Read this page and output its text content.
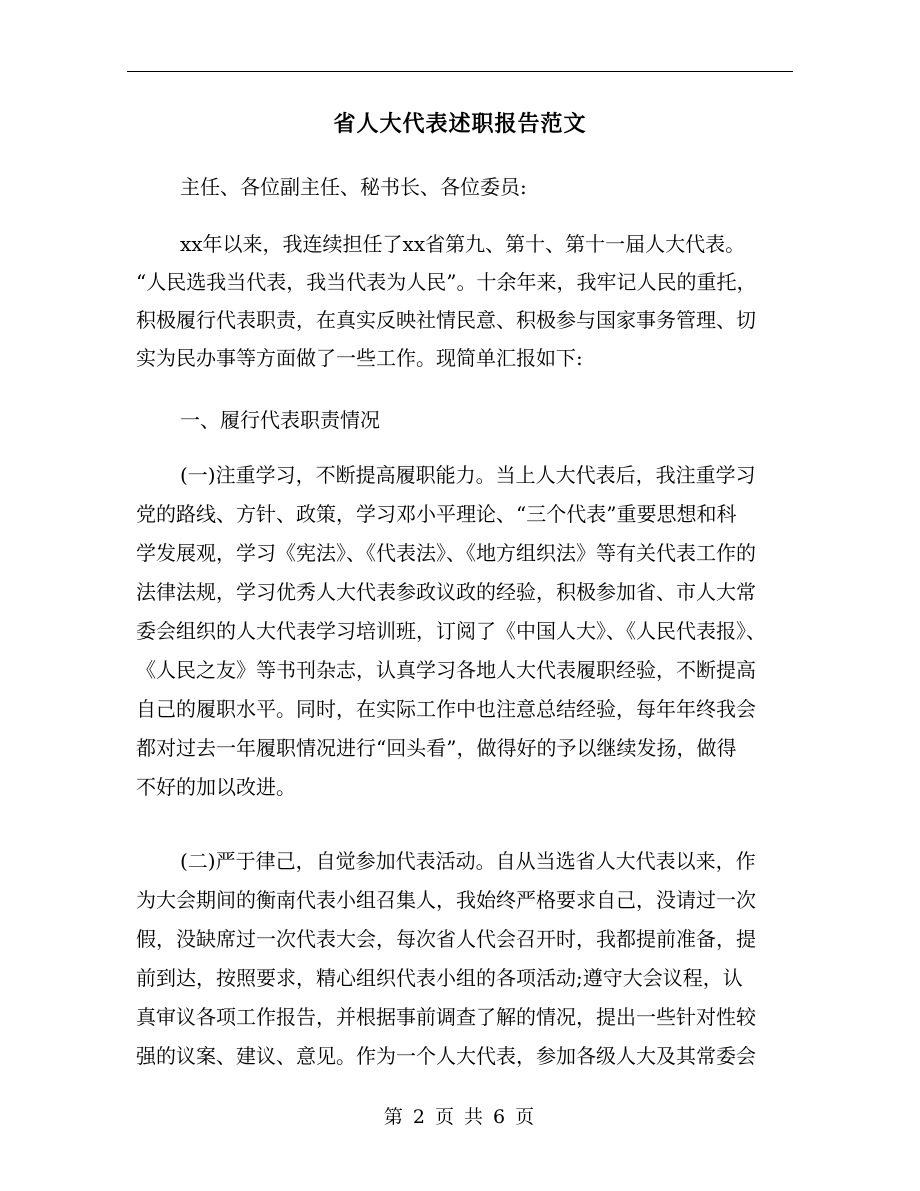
省人大代表述职报告范文
主任、各位副主任、秘书长、各位委员:
xx年以来，我连续担任了xx省第九、第十、第十一届人大代表。
“人民选我当代表，我当代表为人民”。十余年来，我牢记人民的重托，
积极履行代表职责，在真实反映社情民意、积极参与国家事务管理、切
实为民办事等方面做了一些工作。现简单汇报如下:
一、履行代表职责情况
(一)注重学习，不断提高履职能力。当上人大代表后，我注重学习
党的路线、方针、政策，学习邓小平理论、“三个代表”重要思想和科
学发展观，学习《宪法》、《代表法》、《地方组织法》等有关代表工作的
法律法规，学习优秀人大代表参政议政的经验，积极参加省、市人大常
委会组织的人大代表学习培训班，订阅了《中国人大》、《人民代表报》、
《人民之友》等书刊杂志，认真学习各地人大代表履职经验，不断提高
自己的履职水平。同时，在实际工作中也注意总结经验，每年年终我会
都对过去一年履职情况进行“回头看”，做得好的予以继续发扬，做得
不好的加以改进。
(二)严于律己，自觉参加代表活动。自从当选省人大代表以来，作
为大会期间的衡南代表小组召集人，我始终严格要求自己，没请过一次
假，没缺席过一次代表大会，每次省人代会召开时，我都提前准备，提
前到达，按照要求，精心组织代表小组的各项活动;遵守大会议程，认
真审议各项工作报告，并根据事前调查了解的情况，提出一些针对性较
强的议案、建议、意见。作为一个人大代表，参加各级人大及其常委会
第 2 页 共 6 页
